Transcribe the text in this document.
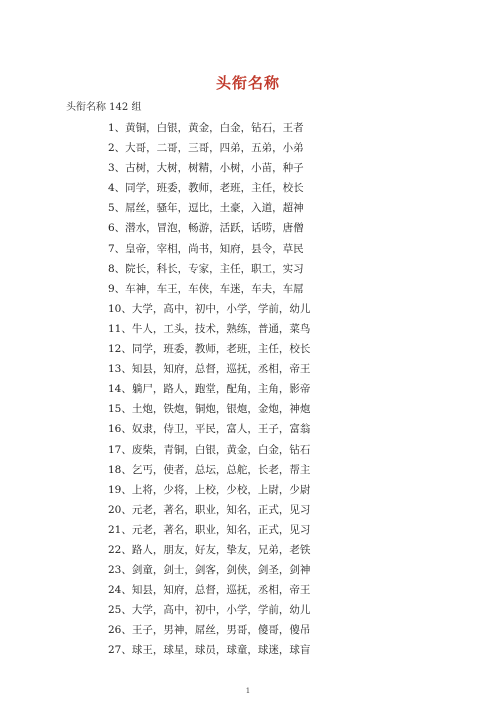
头衔名称

头衔名称 142 组

1、黄铜，白银，黄金，白金，钻石，王者
2、大哥，二哥，三哥，四弟，五弟，小弟
3、古树，大树，树精，小树，小苗，种子
4、同学，班委，教师，老班，主任，校长
5、屌丝，骚年，逗比，土豪，入道，超神
6、潜水，冒泡，畅游，活跃，话唠，唐僧
7、皇帝，宰相，尚书，知府，县令，草民
8、院长，科长，专家，主任，职工，实习
9、车神，车王，车侠，车迷，车夫，车屌
10、大学，高中，初中，小学，学前，幼儿
11、牛人，工头，技术，熟练，普通，菜鸟
12、同学，班委，教师，老班，主任，校长
13、知县，知府，总督，巡抚，丞相，帝王
14、躺尸，路人，跑堂，配角，主角，影帝
15、土炮，铁炮，铜炮，银炮，金炮，神炮
16、奴隶，侍卫，平民，富人，王子，富翁
17、废柴，青铜，白银，黄金，白金，钻石
18、乞丐，使者，总坛，总舵，长老，帮主
19、上将，少将，上校，少校，上尉，少尉
20、元老，著名，职业，知名，正式，见习
21、元老，著名，职业，知名，正式，见习
22、路人，朋友，好友，挚友，兄弟，老铁
23、剑童，剑士，剑客，剑侠，剑圣，剑神
24、知县，知府，总督，巡抚，丞相，帝王
25、大学，高中，初中，小学，学前，幼儿
26、王子，男神，屌丝，男哥，傻哥，傻吊
27、球王，球星，球员，球童，球迷，球盲
1
